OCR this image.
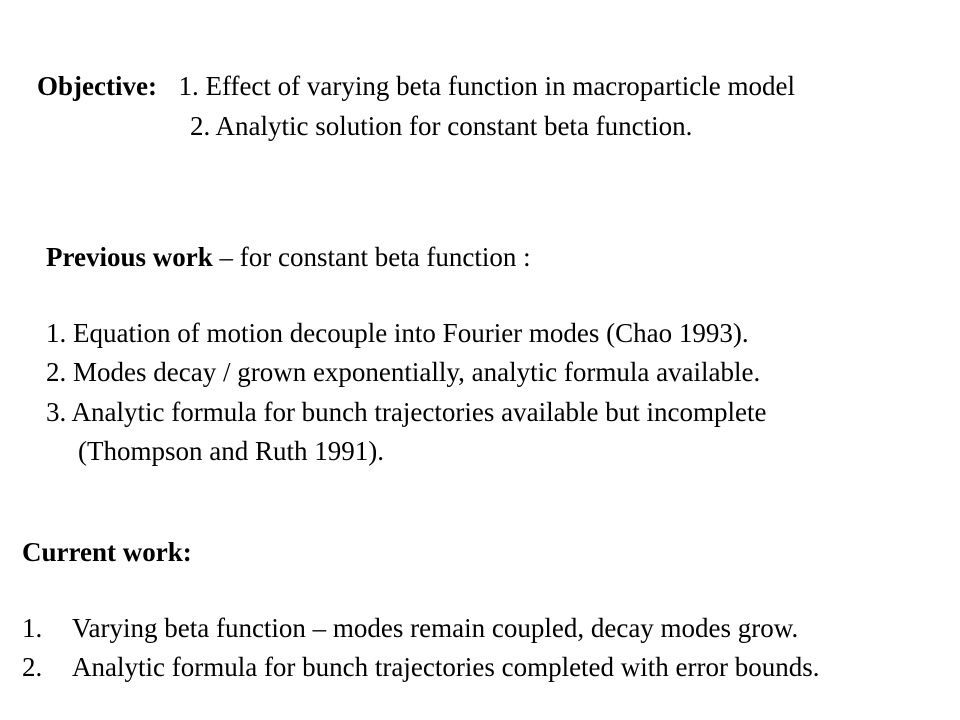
Objective: 1. Effect of varying beta function in macroparticle model
2. Analytic solution for constant beta function.
Previous work – for constant beta function :
1. Equation of motion decouple into Fourier modes (Chao 1993).
2. Modes decay / grown exponentially, analytic formula available.
3. Analytic formula for bunch trajectories available but incomplete
(Thompson and Ruth 1991).
Current work:
1. Varying beta function – modes remain coupled, decay modes grow.
2. Analytic formula for bunch trajectories completed with error bounds.
